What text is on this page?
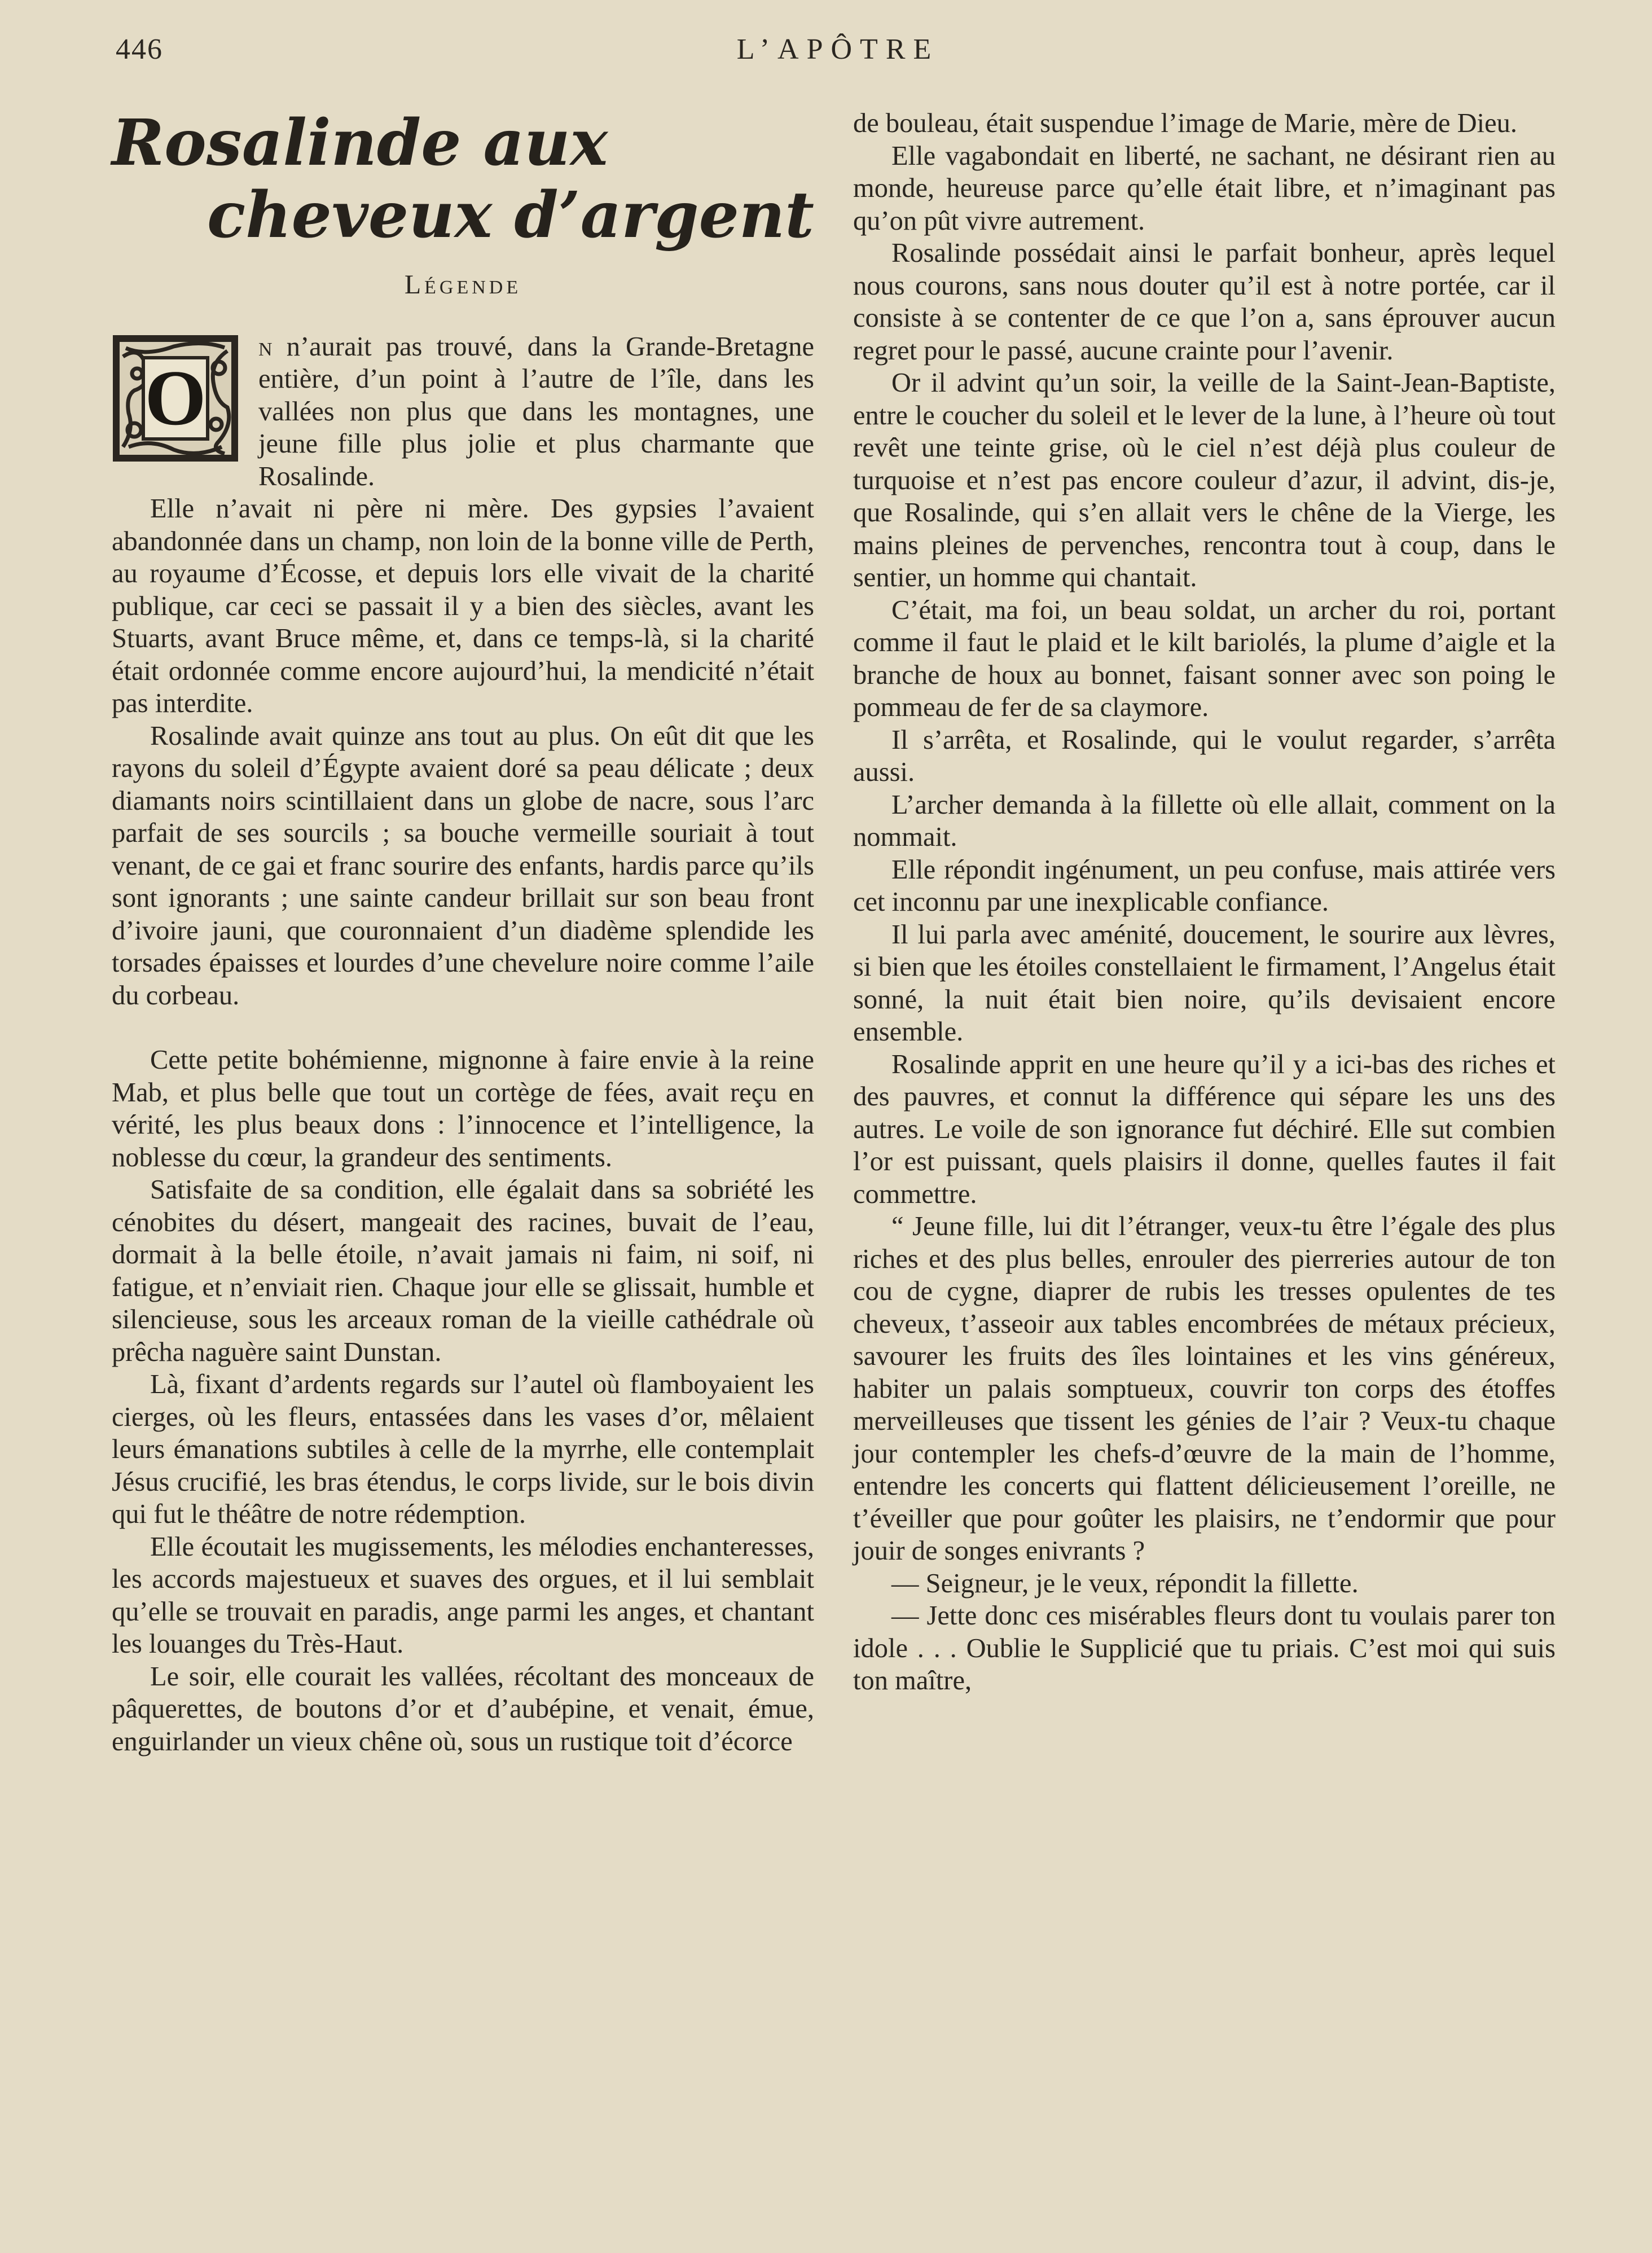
446	L’APÔTRE
Rosalinde aux
cheveux d’argent
Légende

O
n n’aurait pas trouvé, dans la Grande-Bretagne entière, d’un point à l’autre de l’île, dans les vallées non plus que dans les montagnes, une jeune fille plus jolie et plus charmante que Rosalinde.

Elle n’avait ni père ni mère. Des gypsies l’avaient abandonnée dans un champ, non loin de la bonne ville de Perth, au royaume d’Écosse, et depuis lors elle vivait de la charité publique, car ceci se passait il y a bien des siècles, avant les Stuarts, avant Bruce même, et, dans ce temps-là, si la charité était ordonnée comme encore aujourd’hui, la mendicité n’était pas interdite.

Rosalinde avait quinze ans tout au plus. On eût dit que les rayons du soleil d’Égypte avaient doré sa peau délicate ; deux diamants noirs scintillaient dans un globe de nacre, sous l’arc parfait de ses sourcils ; sa bouche vermeille souriait à tout venant, de ce gai et franc sourire des enfants, hardis parce qu’ils sont ignorants ; une sainte candeur brillait sur son beau front d’ivoire jauni, que couronnaient d’un diadème splendide les torsades épaisses et lourdes d’une chevelure noire comme l’aile du corbeau.

Cette petite bohémienne, mignonne à faire envie à la reine Mab, et plus belle que tout un cortège de fées, avait reçu en vérité, les plus beaux dons : l’innocence et l’intelligence, la noblesse du cœur, la grandeur des sentiments.

Satisfaite de sa condition, elle égalait dans sa sobriété les cénobites du désert, mangeait des racines, buvait de l’eau, dormait à la belle étoile, n’avait jamais ni faim, ni soif, ni fatigue, et n’enviait rien. Chaque jour elle se glissait, humble et silencieuse, sous les arceaux roman de la vieille cathédrale où prêcha naguère saint Dunstan.

Là, fixant d’ardents regards sur l’autel où flamboyaient les cierges, où les fleurs, entassées dans les vases d’or, mêlaient leurs émanations subtiles à celle de la myrrhe, elle contemplait Jésus crucifié, les bras étendus, le corps livide, sur le bois divin qui fut le théâtre de notre rédemption.

Elle écoutait les mugissements, les mélodies enchanteresses, les accords majestueux et suaves des orgues, et il lui semblait qu’elle se trouvait en paradis, ange parmi les anges, et chantant les louanges du Très-Haut.

Le soir, elle courait les vallées, récoltant des monceaux de pâquerettes, de boutons d’or et d’aubépine, et venait, émue, enguirlander un vieux chêne où, sous un rustique toit d’écorce

de bouleau, était suspendue l’image de Marie, mère de Dieu.

Elle vagabondait en liberté, ne sachant, ne désirant rien au monde, heureuse parce qu’elle était libre, et n’imaginant pas qu’on pût vivre autrement.

Rosalinde possédait ainsi le parfait bonheur, après lequel nous courons, sans nous douter qu’il est à notre portée, car il consiste à se contenter de ce que l’on a, sans éprouver aucun regret pour le passé, aucune crainte pour l’avenir.

Or il advint qu’un soir, la veille de la Saint-Jean-Baptiste, entre le coucher du soleil et le lever de la lune, à l’heure où tout revêt une teinte grise, où le ciel n’est déjà plus couleur de turquoise et n’est pas encore couleur d’azur, il advint, dis-je, que Rosalinde, qui s’en allait vers le chêne de la Vierge, les mains pleines de pervenches, rencontra tout à coup, dans le sentier, un homme qui chantait.

C’était, ma foi, un beau soldat, un archer du roi, portant comme il faut le plaid et le kilt bariolés, la plume d’aigle et la branche de houx au bonnet, faisant sonner avec son poing le pommeau de fer de sa claymore.

Il s’arrêta, et Rosalinde, qui le voulut regarder, s’arrêta aussi.

L’archer demanda à la fillette où elle allait, comment on la nommait.

Elle répondit ingénument, un peu confuse, mais attirée vers cet inconnu par une inexplicable confiance.

Il lui parla avec aménité, doucement, le sourire aux lèvres, si bien que les étoiles constellaient le firmament, l’Angelus était sonné, la nuit était bien noire, qu’ils devisaient encore ensemble.

Rosalinde apprit en une heure qu’il y a ici-bas des riches et des pauvres, et connut la différence qui sépare les uns des autres. Le voile de son ignorance fut déchiré. Elle sut combien l’or est puissant, quels plaisirs il donne, quelles fautes il fait commettre.

“ Jeune fille, lui dit l’étranger, veux-tu être l’égale des plus riches et des plus belles, enrouler des pierreries autour de ton cou de cygne, diaprer de rubis les tresses opulentes de tes cheveux, t’asseoir aux tables encombrées de métaux précieux, savourer les fruits des îles lointaines et les vins généreux, habiter un palais somptueux, couvrir ton corps des étoffes merveilleuses que tissent les génies de l’air ? Veux-tu chaque jour contempler les chefs-d’œuvre de la main de l’homme, entendre les concerts qui flattent délicieusement l’oreille, ne t’éveiller que pour goûter les plaisirs, ne t’endormir que pour jouir de songes enivrants ?

— Seigneur, je le veux, répondit la fillette.

— Jette donc ces misérables fleurs dont tu voulais parer ton idole . . . Oublie le Supplicié que tu priais. C’est moi qui suis ton maître,
